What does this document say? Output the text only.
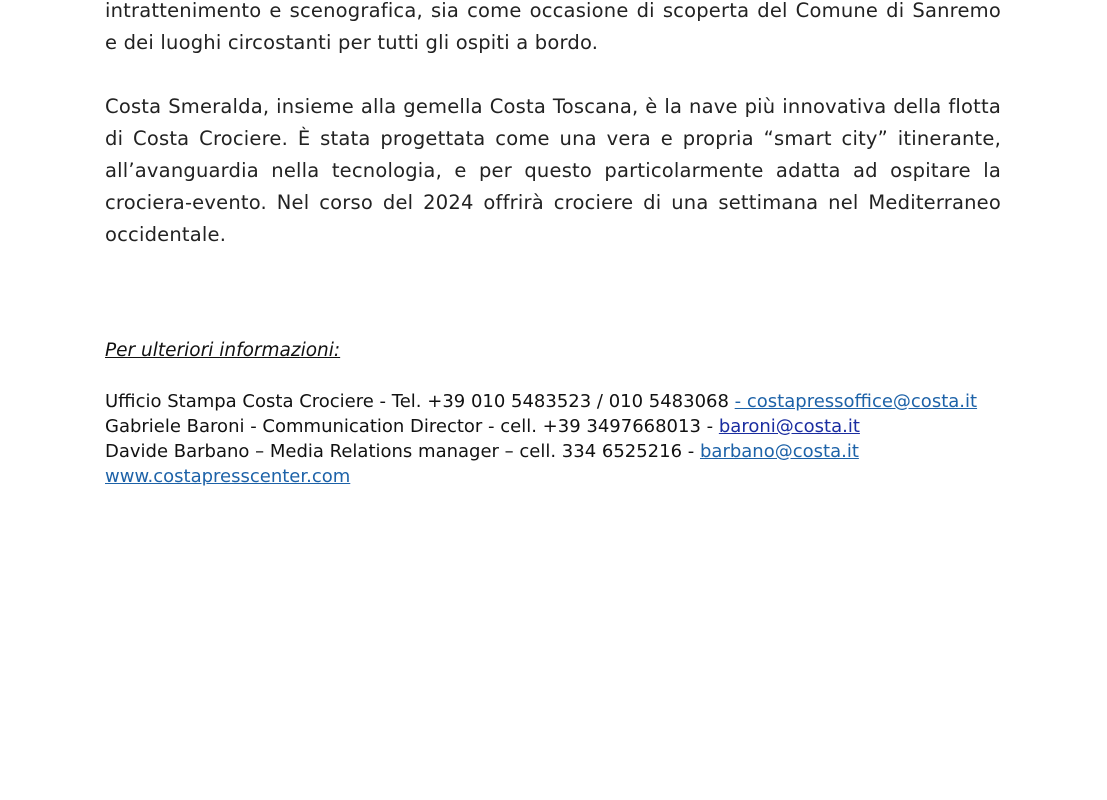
intrattenimento e scenografica, sia come occasione di scoperta del Comune di Sanremo e dei luoghi circostanti per tutti gli ospiti a bordo.

Costa Smeralda, insieme alla gemella Costa Toscana, è la nave più innovativa della flotta di Costa Crociere. È stata progettata come una vera e propria “smart city” itinerante, all’avanguardia nella tecnologia, e per questo particolarmente adatta ad ospitare la crociera-evento. Nel corso del 2024 offrirà crociere di una settimana nel Mediterraneo occidentale.

Per ulteriori informazioni:

Ufficio Stampa Costa Crociere - Tel. +39 010 5483523 / 010 5483068 - costapressoffice@costa.it
Gabriele Baroni - Communication Director - cell. +39 3497668013 - baroni@costa.it
Davide Barbano – Media Relations manager – cell. 334 6525216 - barbano@costa.it
www.costapresscenter.com
